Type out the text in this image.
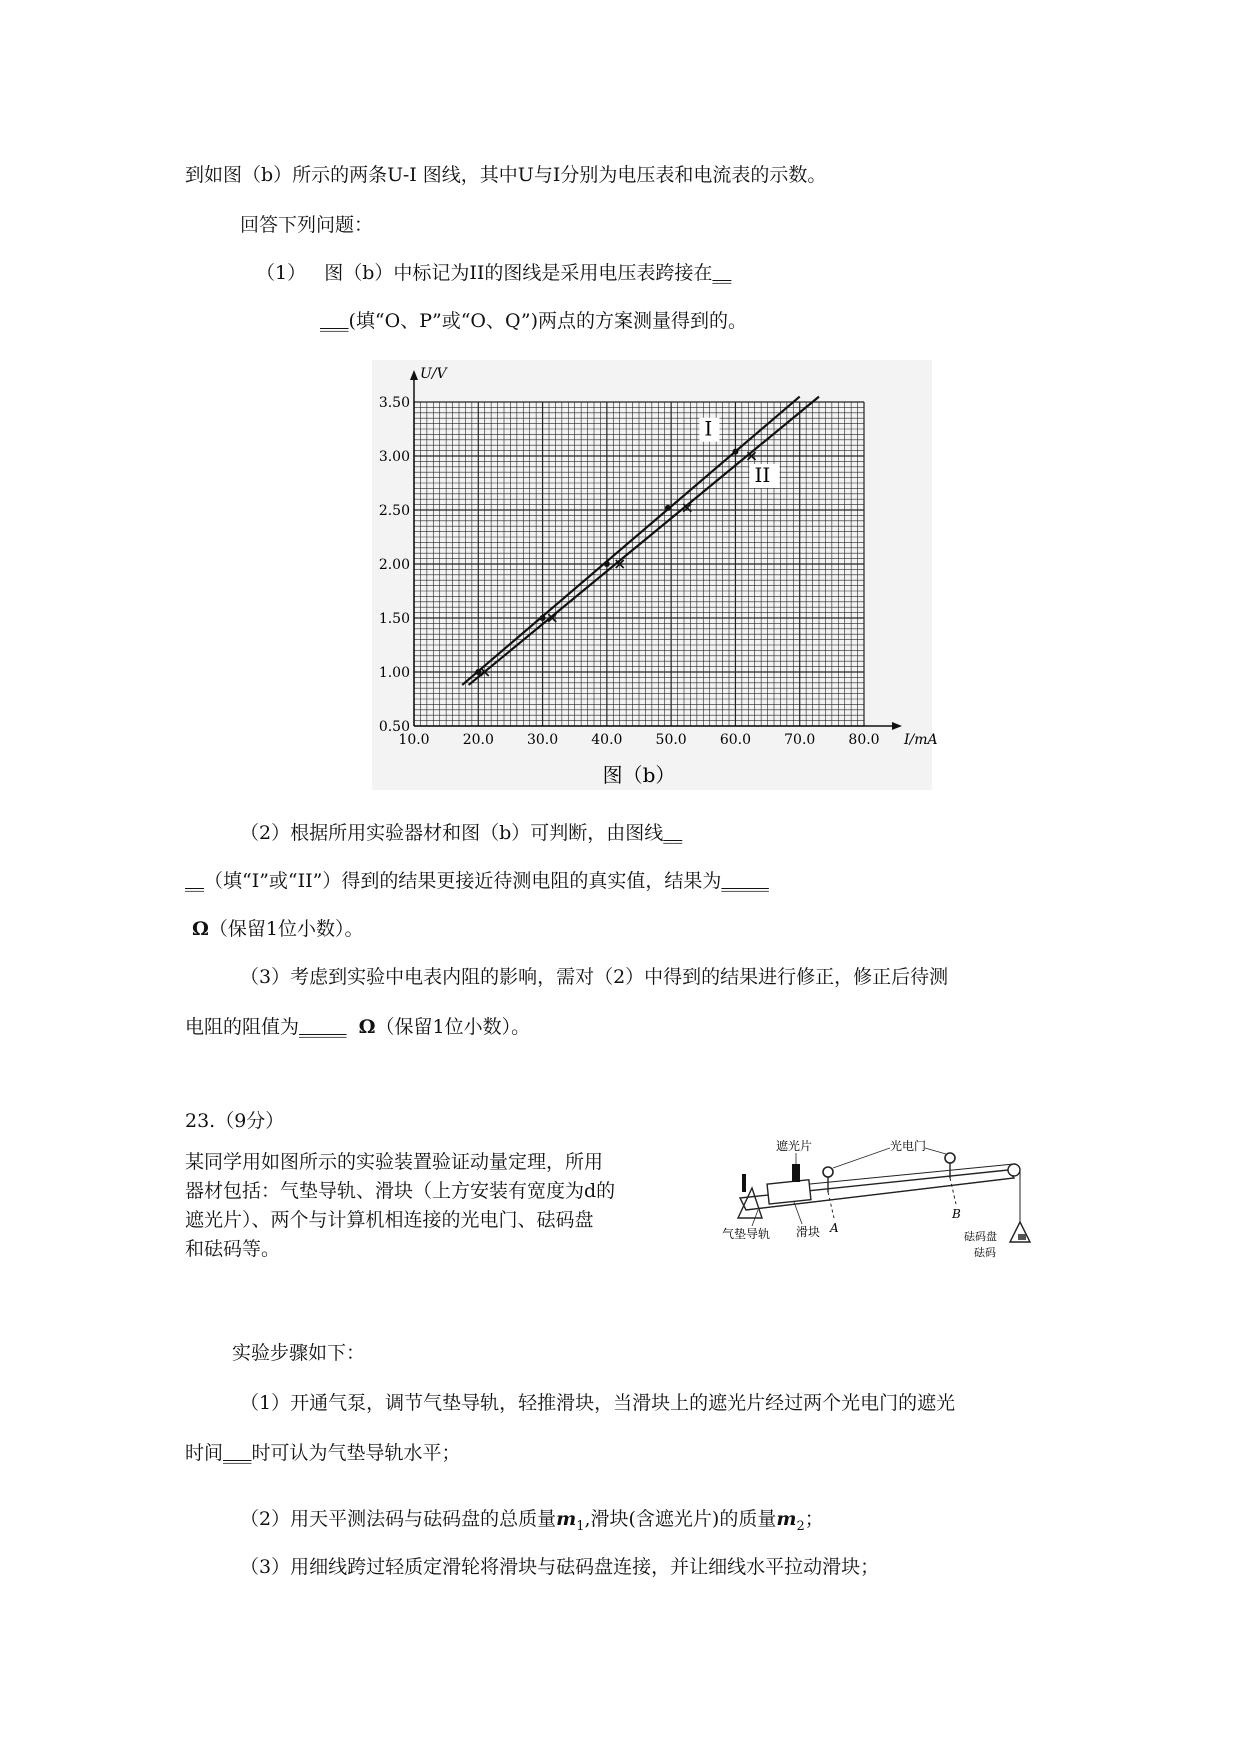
到如图（b）所示的两条U-I 图线，其中U与I分别为电压表和电流表的示数。
回答下列问题：
（1） 图（b）中标记为II的图线是采用电压表跨接在__
___(填“O、P”或“O、Q”)两点的方案测量得到的。
10.0 20.0 30.0 40.0 50.0 60.0 70.0 80.0
0.50
1.00
1.50
2.00
2.50
3.00
3.50
I
II
U/V
I/mA
图（b）
（2）根据所用实验器材和图（b）可判断，由图线__
__（填“I”或“II”）得到的结果更接近待测电阻的真实值，结果为_____
Ω（保留1位小数）。
（3）考虑到实验中电表内阻的影响，需对（2）中得到的结果进行修正，修正后待测
电阻的阻值为_____ Ω（保留1位小数）。
23.（9分）
某同学用如图所示的实验装置验证动量定理，所用
器材包括：气垫导轨、滑块（上方安装有宽度为d的
遮光片）、两个与计算机相连接的光电门、砝码盘
和砝码等。
遮光片	光电门
气垫导轨 滑块 A
B
砝码盘
砝码
实验步骤如下：
（1）开通气泵，调节气垫导轨，轻推滑块，当滑块上的遮光片经过两个光电门的遮光
时间___时可认为气垫导轨水平；
（2）用天平测法码与砝码盘的总质量$m_1$,滑块(含遮光片)的质量$m_2$；
（3）用细线跨过轻质定滑轮将滑块与砝码盘连接，并让细线水平拉动滑块；
